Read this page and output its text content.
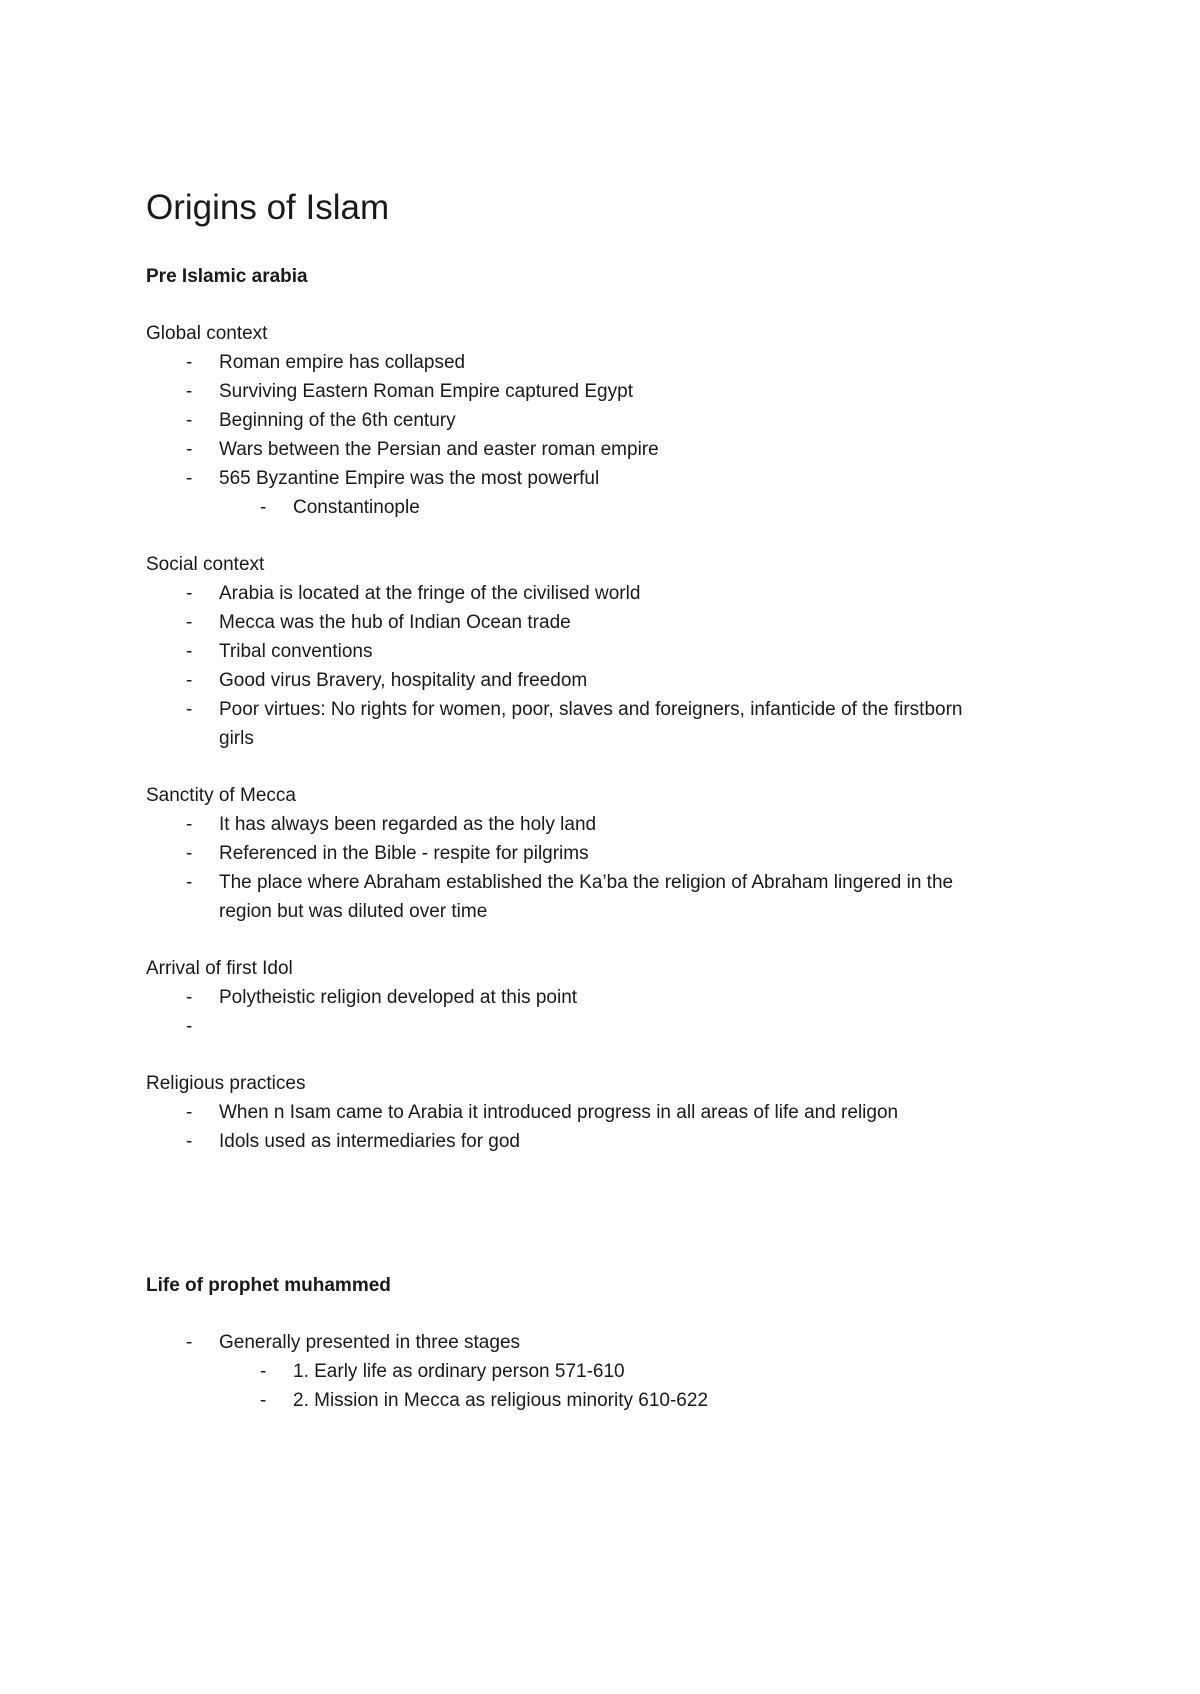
Origins of Islam
Pre Islamic arabia
Global context
- Roman empire has collapsed
- Surviving Eastern Roman Empire captured Egypt
- Beginning of the 6th century
- Wars between the Persian and easter roman empire
- 565 Byzantine Empire was the most powerful
- Constantinople
Social context
- Arabia is located at the fringe of the civilised world
- Mecca was the hub of Indian Ocean trade
- Tribal conventions
- Good virus Bravery, hospitality and freedom
- Poor virtues: No rights for women, poor, slaves and foreigners, infanticide of the firstborn
girls
Sanctity of Mecca
- It has always been regarded as the holy land
- Referenced in the Bible - respite for pilgrims
- The place where Abraham established the Ka’ba the religion of Abraham lingered in the
region but was diluted over time
Arrival of first Idol
- Polytheistic religion developed at this point
-
Religious practices
- When n Isam came to Arabia it introduced progress in all areas of life and religon
- Idols used as intermediaries for god
Life of prophet muhammed
- Generally presented in three stages
- 1. Early life as ordinary person 571-610
- 2. Mission in Mecca as religious minority 610-622
